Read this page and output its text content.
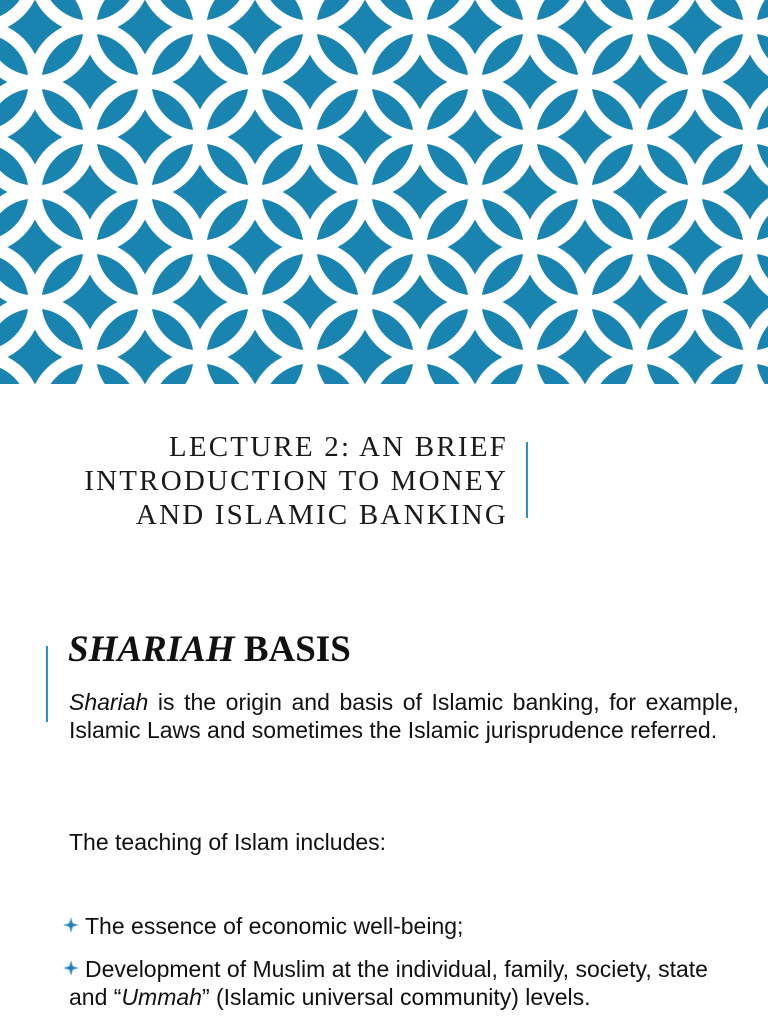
LECTURE 2: AN BRIEF
INTRODUCTION TO MONEY
AND ISLAMIC BANKING
SHARIAH BASIS
Shariah is the origin and basis of Islamic banking, for example, Islamic Laws and sometimes the Islamic jurisprudence referred.
The teaching of Islam includes:
The essence of economic well-being;
Development of Muslim at the individual, family, society, state and “Ummah” (Islamic universal community) levels.
